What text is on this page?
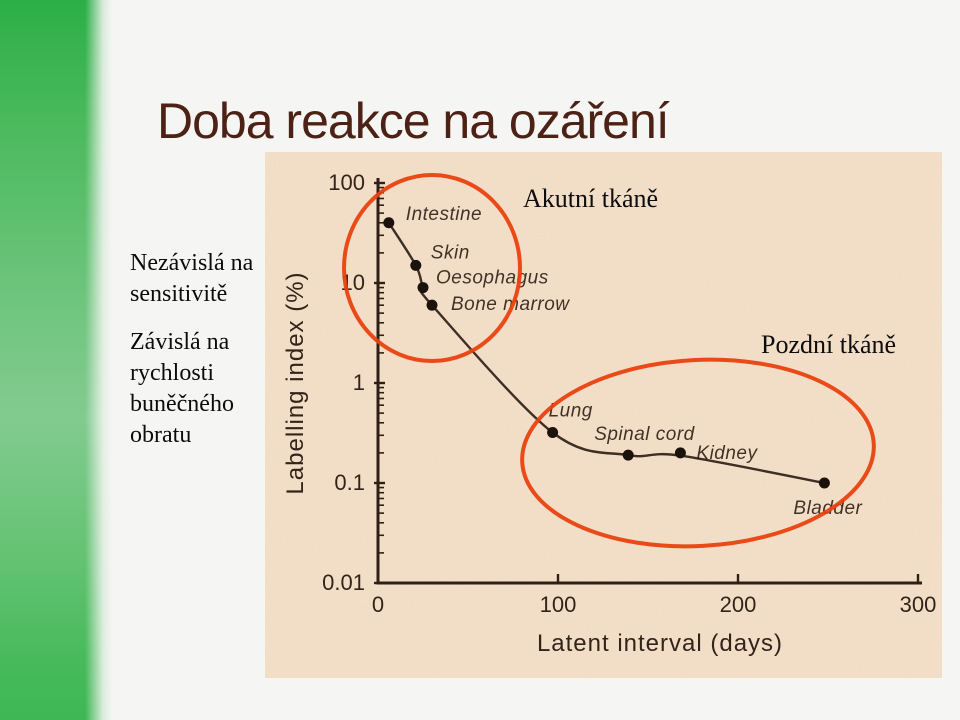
Doba reakce na ozáření

Nezávislá na sensitivitě

Závislá na rychlosti buněčného obratu

100
10
1
0.1
0.01
0	100	200	300
Latent interval (days)
Labelling index (%)
Intestine
Skin
Oesophagus
Bone marrow
Lung
Spinal cord
Kidney
Bladder
Akutní tkáně
Pozdní tkáně
